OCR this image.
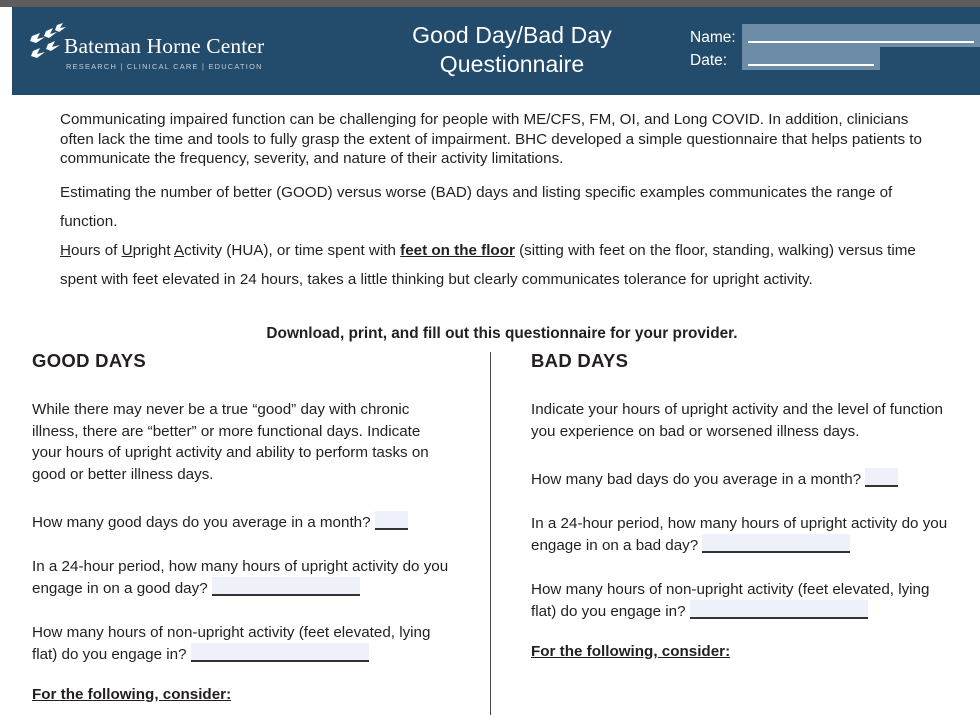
Bateman Horne Center
RESEARCH | CLINICAL CARE | EDUCATION
Good Day/Bad Day
Questionnaire
Name:
Date:

Communicating impaired function can be challenging for people with ME/CFS, FM, OI, and Long COVID. In addition, clinicians often lack the time and tools to fully grasp the extent of impairment. BHC developed a simple questionnaire that helps patients to communicate the frequency, severity, and nature of their activity limitations.

Estimating the number of better (GOOD) versus worse (BAD) days and listing specific examples communicates the range of function.

Hours of Upright Activity (HUA), or time spent with feet on the floor (sitting with feet on the floor, standing, walking) versus time spent with feet elevated in 24 hours, takes a little thinking but clearly communicates tolerance for upright activity.

Download, print, and fill out this questionnaire for your provider.

GOOD DAYS

While there may never be a true “good” day with chronic illness, there are “better” or more functional days. Indicate your hours of upright activity and ability to perform tasks on good or better illness days.

How many good days do you average in a month?

In a 24-hour period, how many hours of upright activity do you engage in on a good day?

How many hours of non-upright activity (feet elevated, lying flat) do you engage in?

For the following, consider:

BAD DAYS

Indicate your hours of upright activity and the level of function you experience on bad or worsened illness days.

How many bad days do you average in a month?

In a 24-hour period, how many hours of upright activity do you engage in on a bad day?

How many hours of non-upright activity (feet elevated, lying flat) do you engage in?

For the following, consider:
